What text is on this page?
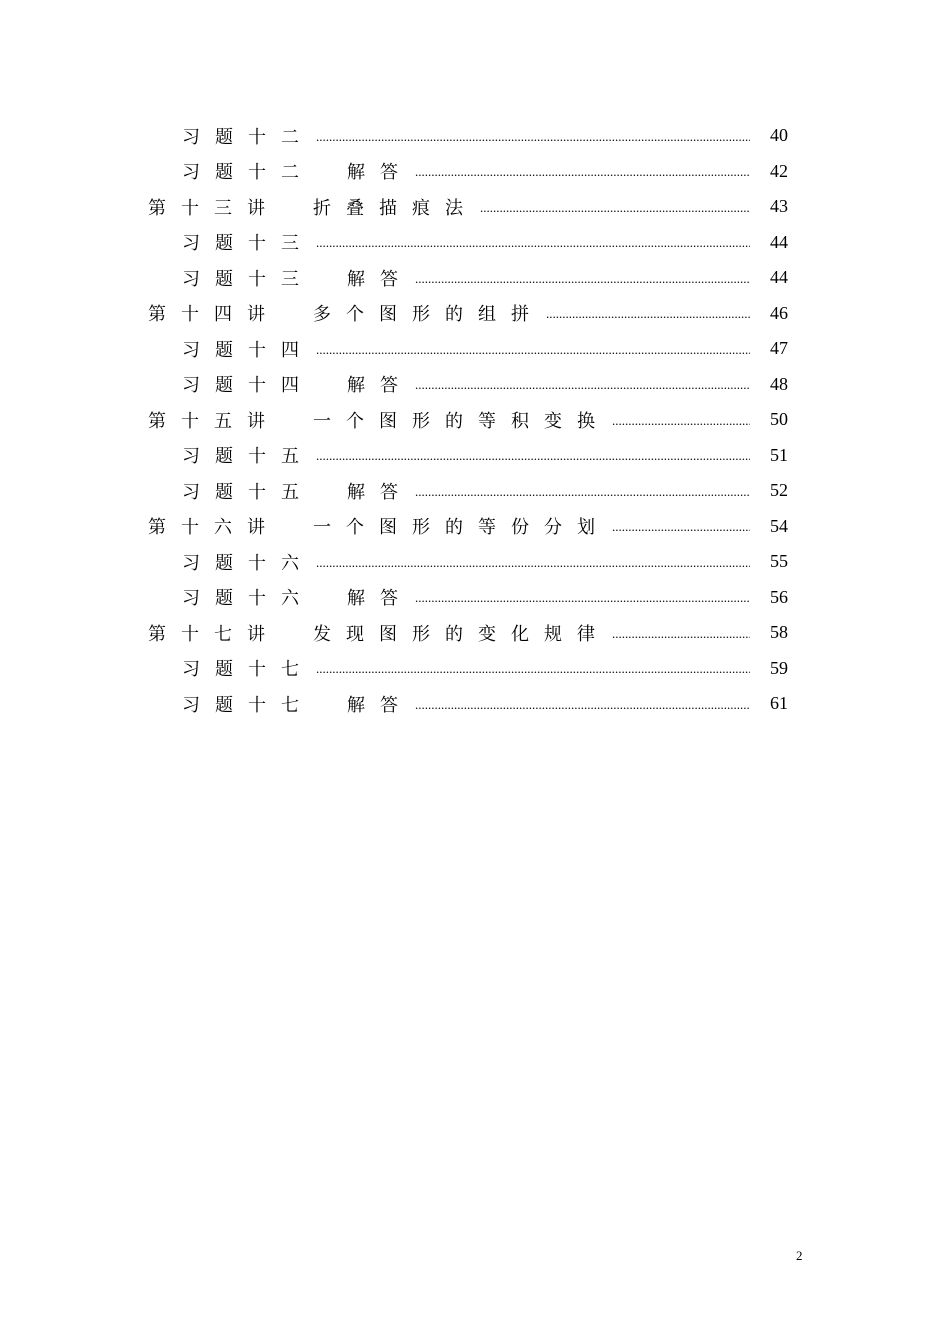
习题十二 .....	40
习题十二　解答 .....	42
第十三讲　折叠描痕法 .....	43
习题十三 .....	44
习题十三　解答 .....	44
第十四讲　多个图形的组拼 .....	46
习题十四 .....	47
习题十四　解答 .....	48
第十五讲　一个图形的等积变换 .....	50
习题十五 .....	51
习题十五　解答 .....	52
第十六讲　一个图形的等份分划 .....	54
习题十六 .....	55
习题十六　解答 .....	56
第十七讲　发现图形的变化规律 .....	58
习题十七 .....	59
习题十七　解答 .....	61
2
